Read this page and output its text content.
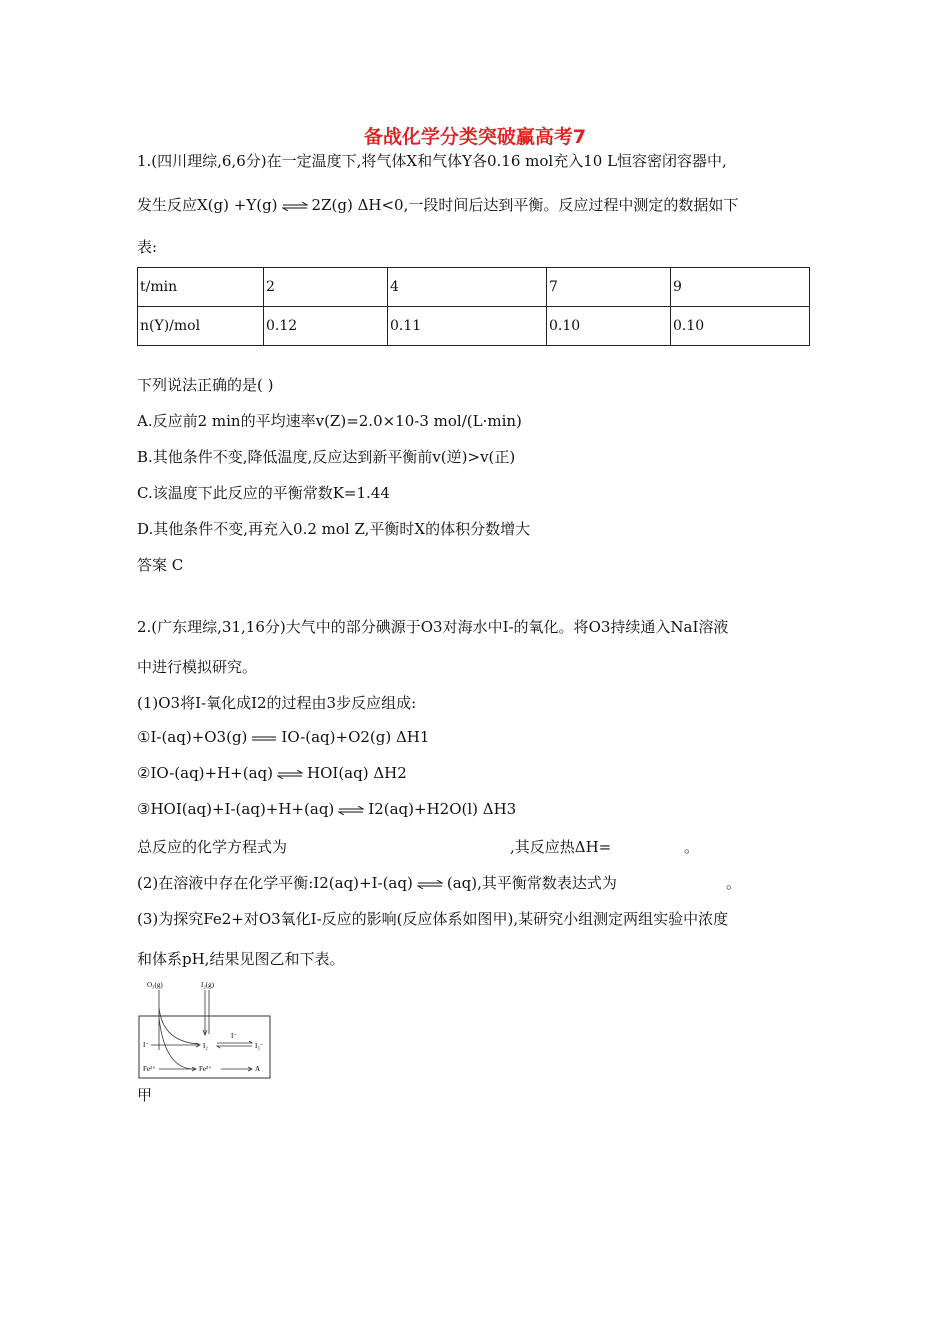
备战化学分类突破赢高考7
1.(四川理综,6,6分)在一定温度下,将气体X和气体Y各0.16 mol充入10 L恒容密闭容器中,
发生反应X(g) +Y(g) ⇌ 2Z(g) ΔH<0,一段时间后达到平衡。反应过程中测定的数据如下
表:
t/min	2	4	7	9
n(Y)/mol	0.12	0.11	0.10	0.10
下列说法正确的是( )
A.反应前2 min的平均速率v(Z)=2.0×10-3 mol/(L·min)
B.其他条件不变,降低温度,反应达到新平衡前v(逆)>v(正)
C.该温度下此反应的平衡常数K=1.44
D.其他条件不变,再充入0.2 mol Z,平衡时X的体积分数增大
答案 C
2.(广东理综,31,16分)大气中的部分碘源于O3对海水中I-的氧化。将O3持续通入NaI溶液
中进行模拟研究。
(1)O3将I-氧化成I2的过程由3步反应组成:
①I-(aq)+O3(g) IO-(aq)+O2(g) ΔH1
②IO-(aq)+H+(aq) ⇌ HOI(aq) ΔH2
③HOI(aq)+I-(aq)+H+(aq) ⇌ I2(aq)+H2O(l) ΔH3
总反应的化学方程式为	,其反应热ΔH=	。
(2)在溶液中存在化学平衡:I2(aq)+I-(aq) ⇌ (aq),其平衡常数表达式为	。
(3)为探究Fe2+对O3氧化I-反应的影响(反应体系如图甲),某研究小组测定两组实验中浓度
和体系pH,结果见图乙和下表。
O₃(g)	I₂(g)
I⁻	I₂
I⁻
I₃⁻
Fe²⁺	Fe³⁺	A
甲
